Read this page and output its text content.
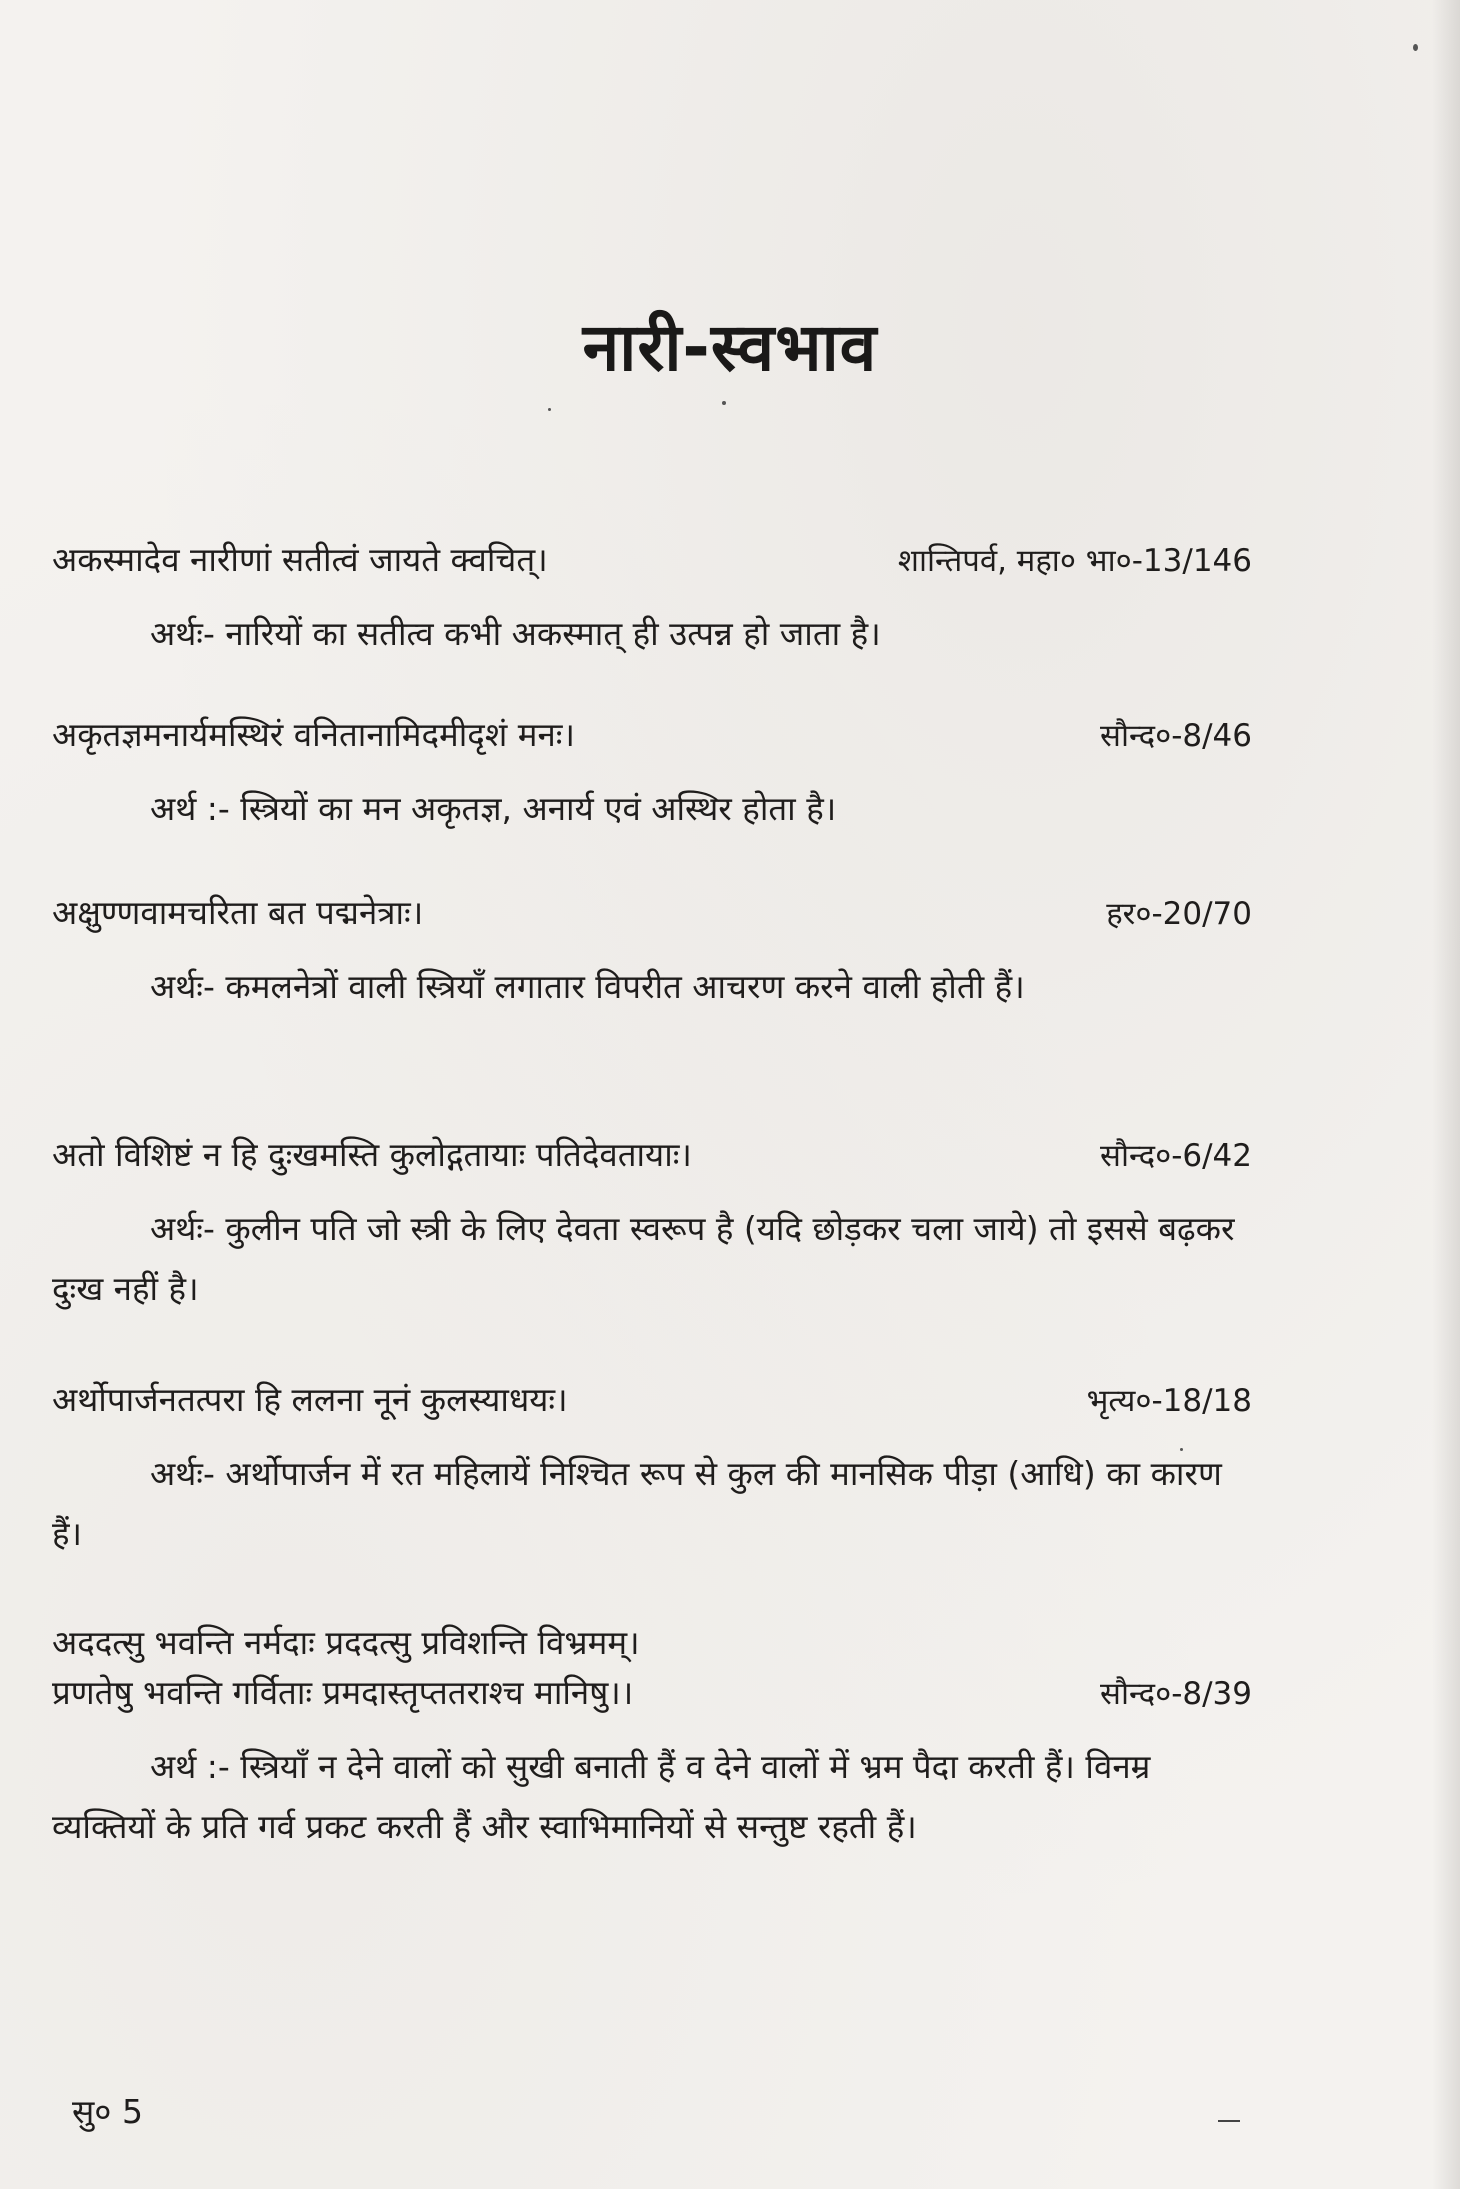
नारी-स्वभाव
अकस्मादेव नारीणां सतीत्वं जायते क्वचित्।	शान्तिपर्व, महा० भा०-13/146
अर्थः- नारियों का सतीत्व कभी अकस्मात् ही उत्पन्न हो जाता है।
अकृतज्ञमनार्यमस्थिरं वनितानामिदमीदृशं मनः।	सौन्द०-8/46
अर्थ :- स्त्रियों का मन अकृतज्ञ, अनार्य एवं अस्थिर होता है।
अक्षुण्णवामचरिता बत पद्मनेत्राः।	हर०-20/70
अर्थः- कमलनेत्रों वाली स्त्रियाँ लगातार विपरीत आचरण करने वाली होती हैं।
अतो विशिष्टं न हि दुःखमस्ति कुलोद्गतायाः पतिदेवतायाः।	सौन्द०-6/42
अर्थः- कुलीन पति जो स्त्री के लिए देवता स्वरूप है (यदि छोड़कर चला जाये) तो इससे बढ़कर दुःख नहीं है।
अर्थोपार्जनतत्परा हि ललना नूनं कुलस्याधयः।	भृत्य०-18/18
अर्थः- अर्थोपार्जन में रत महिलायें निश्चित रूप से कुल की मानसिक पीड़ा (आधि) का कारण हैं।
अददत्सु भवन्ति नर्मदाः प्रददत्सु प्रविशन्ति विभ्रमम्।
प्रणतेषु भवन्ति गर्विताः प्रमदास्तृप्ततराश्च मानिषु।।	सौन्द०-8/39
अर्थ :- स्त्रियाँ न देने वालों को सुखी बनाती हैं व देने वालों में भ्रम पैदा करती हैं। विनम्र व्यक्तियों के प्रति गर्व प्रकट करती हैं और स्वाभिमानियों से सन्तुष्ट रहती हैं।
सु० 5
